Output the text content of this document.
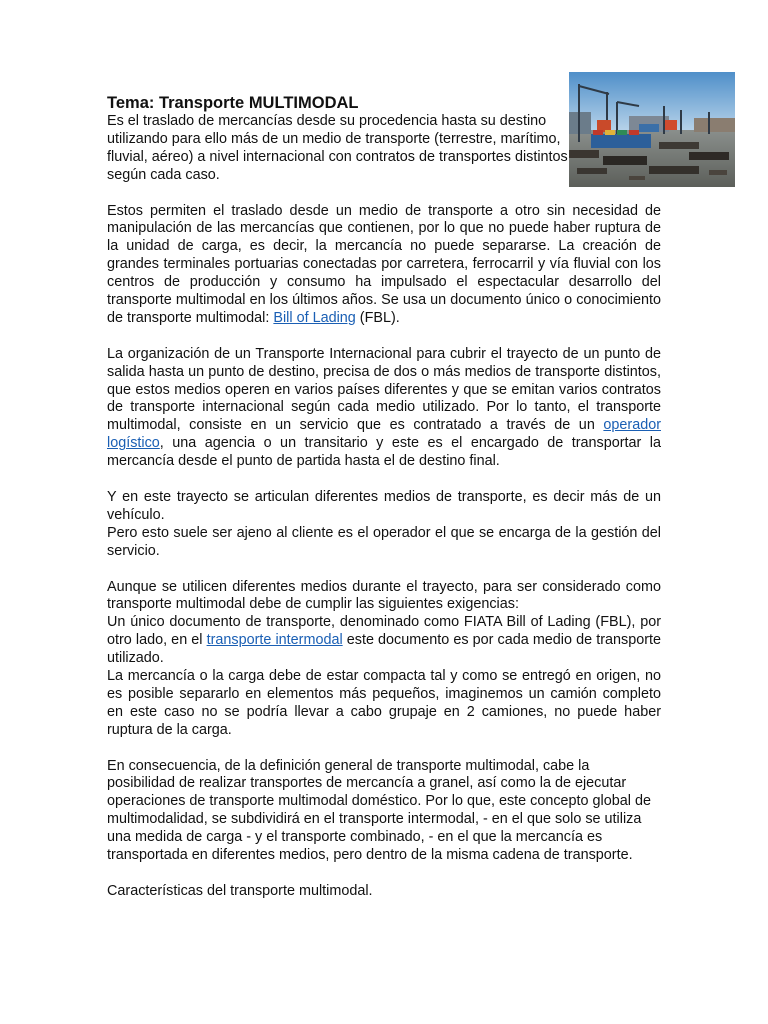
Tema: Transporte MULTIMODAL

Es el traslado de mercancías desde su procedencia hasta su destino utilizando para ello más de un medio de transporte (terrestre, marítimo, fluvial, aéreo) a nivel internacional con contratos de transportes distintos según cada caso.

Estos permiten el traslado desde un medio de transporte a otro sin necesidad de manipulación de las mercancías que contienen, por lo que no puede haber ruptura de la unidad de carga, es decir, la mercancía no puede separarse. La creación de grandes terminales portuarias conectadas por carretera, ferrocarril y vía fluvial con los centros de producción y consumo ha impulsado el espectacular desarrollo del transporte multimodal en los últimos años. Se usa un documento único o conocimiento de transporte multimodal: Bill of Lading (FBL).

La organización de un Transporte Internacional para cubrir el trayecto de un punto de salida hasta un punto de destino, precisa de dos o más medios de transporte distintos, que estos medios operen en varios países diferentes y que se emitan varios contratos de transporte internacional según cada medio utilizado. Por lo tanto, el transporte multimodal, consiste en un servicio que es contratado a través de un operador logístico, una agencia o un transitario y este es el encargado de transportar la mercancía desde el punto de partida hasta el de destino final.

Y en este trayecto se articulan diferentes medios de transporte, es decir más de un vehículo.
Pero esto suele ser ajeno al cliente es el operador el que se encarga de la gestión del servicio.
Aunque se utilicen diferentes medios durante el trayecto, para ser considerado como transporte multimodal debe de cumplir las siguientes exigencias:
Un único documento de transporte, denominado como FIATA Bill of Lading (FBL), por otro lado, en el transporte intermodal este documento es por cada medio de transporte utilizado.
La mercancía o la carga debe de estar compacta tal y como se entregó en origen, no es posible separarlo en elementos más pequeños, imaginemos un camión completo en este caso no se podría llevar a cabo grupaje en 2 camiones, no puede haber ruptura de la carga.

En consecuencia, de la definición general de transporte multimodal, cabe la posibilidad de realizar transportes de mercancía a granel, así como la de ejecutar operaciones de transporte multimodal doméstico. Por lo que, este concepto global de multimodalidad, se subdividirá en el transporte intermodal, - en el que solo se utiliza una medida de carga - y el transporte combinado, - en el que la mercancía es transportada en diferentes medios, pero dentro de la misma cadena de transporte.

Características del transporte multimodal.
